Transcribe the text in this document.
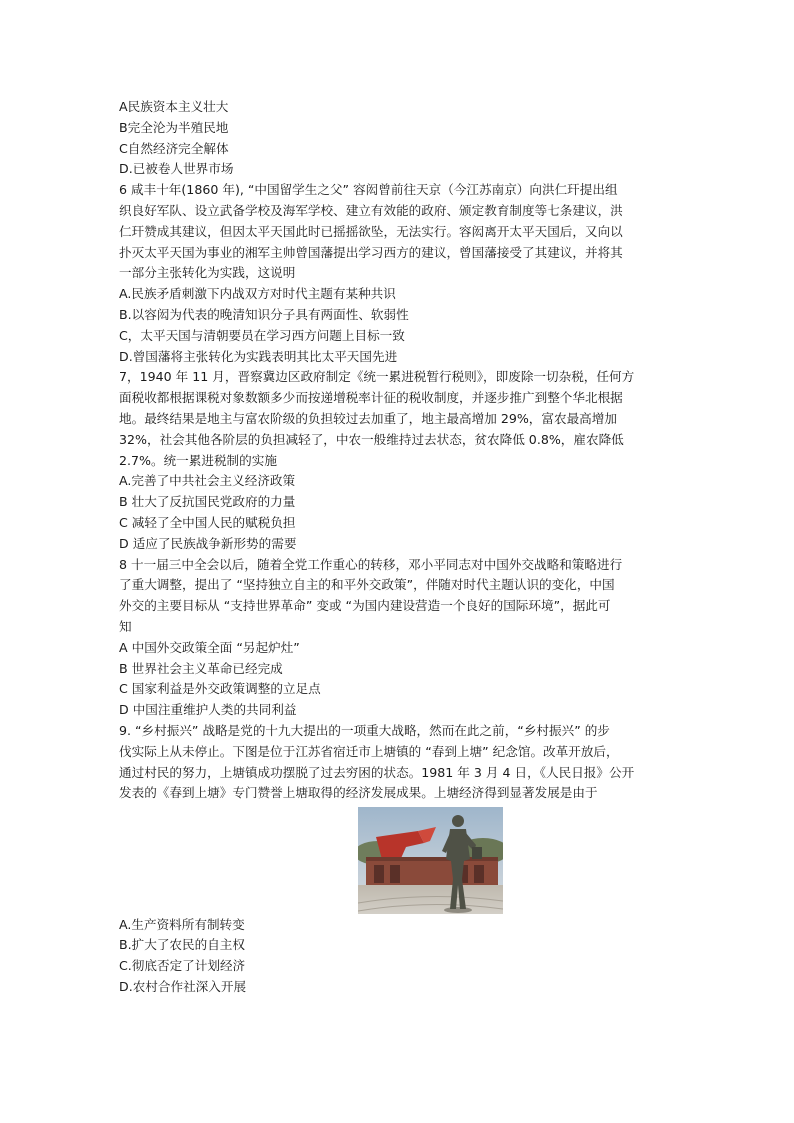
A民族资本主义壮大
B完全沦为半殖民地
C自然经济完全解体
D.已被卷人世界市场
6 咸丰十年(1860 年), “中国留学生之父” 容闳曾前往天京（今江苏南京）向洪仁玕提出组
织良好军队、设立武备学校及海军学校、建立有效能的政府、颁定教育制度等七条建议，洪
仁玕赞成其建议，但因太平天国此时已摇摇欲坠，无法实行。容闳离开太平天国后，又向以
扑灭太平天国为事业的湘军主帅曾国藩提出学习西方的建议，曾国藩接受了其建议，并将其
一部分主张转化为实践，这说明
A.民族矛盾刺激下内战双方对时代主题有某种共识
B.以容闳为代表的晚清知识分子具有两面性、软弱性
C，太平天国与清朝要员在学习西方问题上目标一致
D.曾国藩将主张转化为实践表明其比太平天国先进
7，1940 年 11 月，晋察冀边区政府制定《统一累进税暂行税则》，即废除一切杂税，任何方
面税收都根据课税对象数额多少而按递增税率计征的税收制度，并逐步推广到整个华北根据
地。最终结果是地主与富农阶级的负担较过去加重了，地主最高增加 29%，富农最高增加
32%，社会其他各阶层的负担减轻了，中农一般维持过去状态，贫农降低 0.8%，雇农降低
2.7%。统一累进税制的实施
A.完善了中共社会主义经济政策
B 壮大了反抗国民党政府的力量
C 减轻了全中国人民的赋税负担
D 适应了民族战争新形势的需要
8 十一届三中全会以后，随着全党工作重心的转移，邓小平同志对中国外交战略和策略进行
了重大调整，提出了 “坚持独立自主的和平外交政策”，伴随对时代主题认识的变化，中国
外交的主要目标从 “支持世界革命” 变或 “为国内建设营造一个良好的国际环境”，据此可
知
A 中国外交政策全面 “另起炉灶”
B 世界社会主义革命已经完成
C 国家利益是外交政策调整的立足点
D 中国注重维护人类的共同利益
9. “乡村振兴” 战略是党的十九大提出的一项重大战略，然而在此之前，“乡村振兴” 的步
伐实际上从未停止。下图是位于江苏省宿迁市上塘镇的 “春到上塘” 纪念馆。改革开放后，
通过村民的努力，上塘镇成功摆脱了过去穷困的状态。1981 年 3 月 4 日，《人民日报》公开
发表的《春到上塘》专门赞誉上塘取得的经济发展成果。上塘经济得到显著发展是由于
A.生产资料所有制转变
B.扩大了农民的自主权
C.彻底否定了计划经济
D.农村合作社深入开展
